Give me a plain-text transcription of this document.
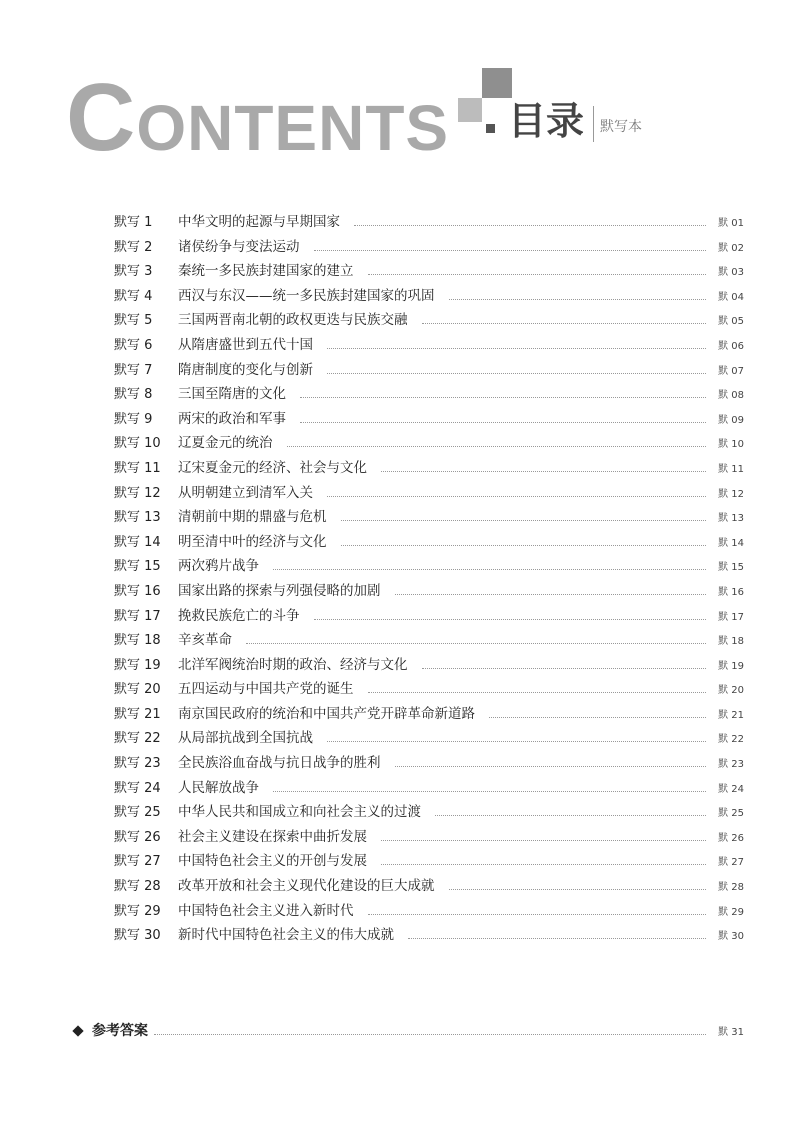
CONTENTS 目录 默写本
默写 1	中华文明的起源与早期国家	默 01
默写 2	诸侯纷争与变法运动	默 02
默写 3	秦统一多民族封建国家的建立	默 03
默写 4	西汉与东汉——统一多民族封建国家的巩固	默 04
默写 5	三国两晋南北朝的政权更迭与民族交融	默 05
默写 6	从隋唐盛世到五代十国	默 06
默写 7	隋唐制度的变化与创新	默 07
默写 8	三国至隋唐的文化	默 08
默写 9	两宋的政治和军事	默 09
默写 10	辽夏金元的统治	默 10
默写 11	辽宋夏金元的经济、社会与文化	默 11
默写 12	从明朝建立到清军入关	默 12
默写 13	清朝前中期的鼎盛与危机	默 13
默写 14	明至清中叶的经济与文化	默 14
默写 15	两次鸦片战争	默 15
默写 16	国家出路的探索与列强侵略的加剧	默 16
默写 17	挽救民族危亡的斗争	默 17
默写 18	辛亥革命	默 18
默写 19	北洋军阀统治时期的政治、经济与文化	默 19
默写 20	五四运动与中国共产党的诞生	默 20
默写 21	南京国民政府的统治和中国共产党开辟革命新道路	默 21
默写 22	从局部抗战到全国抗战	默 22
默写 23	全民族浴血奋战与抗日战争的胜利	默 23
默写 24	人民解放战争	默 24
默写 25	中华人民共和国成立和向社会主义的过渡	默 25
默写 26	社会主义建设在探索中曲折发展	默 26
默写 27	中国特色社会主义的开创与发展	默 27
默写 28	改革开放和社会主义现代化建设的巨大成就	默 28
默写 29	中国特色社会主义进入新时代	默 29
默写 30	新时代中国特色社会主义的伟大成就	默 30
参考答案	默 31
